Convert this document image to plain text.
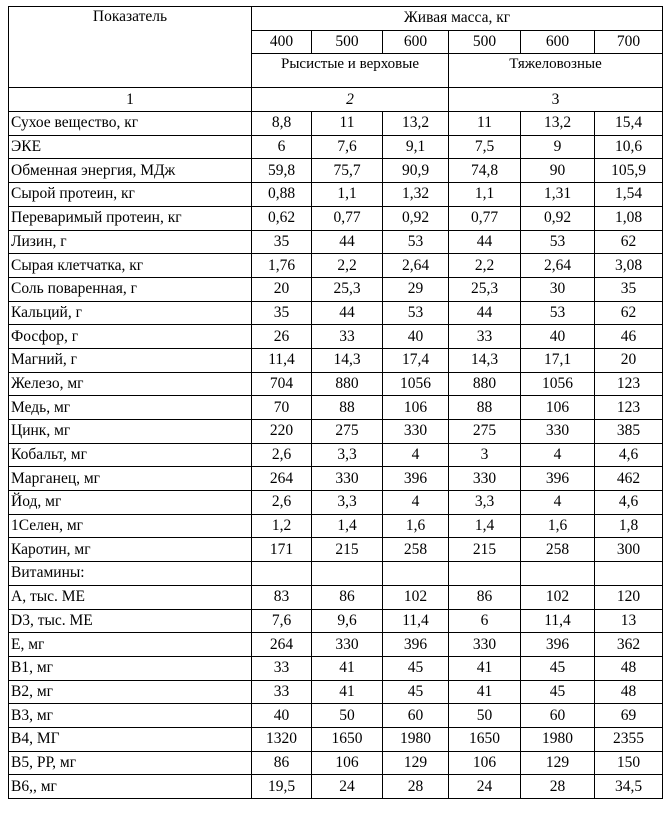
Показатель	Живая масса, кг					
	400	500	600	500	600	700
	Рысистые и верховые			Тяжеловозные		
1	2			3		
Сухое вещество, кг	8,8	11	13,2	11	13,2	15,4
ЭКЕ	6	7,6	9,1	7,5	9	10,6
Обменная энергия, МДж	59,8	75,7	90,9	74,8	90	105,9
Сырой протеин, кг	0,88	1,1	1,32	1,1	1,31	1,54
Переваримый протеин, кг	0,62	0,77	0,92	0,77	0,92	1,08
Лизин, г	35	44	53	44	53	62
Сырая клетчатка, кг	1,76	2,2	2,64	2,2	2,64	3,08
Соль поваренная, г	20	25,3	29	25,3	30	35
Кальций, г	35	44	53	44	53	62
Фосфор, г	26	33	40	33	40	46
Магний, г	11,4	14,3	17,4	14,3	17,1	20
Железо, мг	704	880	1056	880	1056	123
Медь, мг	70	88	106	88	106	123
Цинк, мг	220	275	330	275	330	385
Кобальт, мг	2,6	3,3	4	3	4	4,6
Марганец, мг	264	330	396	330	396	462
Йод, мг	2,6	3,3	4	3,3	4	4,6
1Селен, мг	1,2	1,4	1,6	1,4	1,6	1,8
Каротин, мг	171	215	258	215	258	300
Витамины:						
А, тыс. МЕ	83	86	102	86	102	120
D3, тыс. МЕ	7,6	9,6	11,4	6	11,4	13
Е, мг	264	330	396	330	396	362
В1, мг	33	41	45	41	45	48
В2, мг	33	41	45	41	45	48
В3, мг	40	50	60	50	60	69
В4, МГ	1320	1650	1980	1650	1980	2355
В5, РР, мг	86	106	129	106	129	150
В6,, мг	19,5	24	28	24	28	34,5
